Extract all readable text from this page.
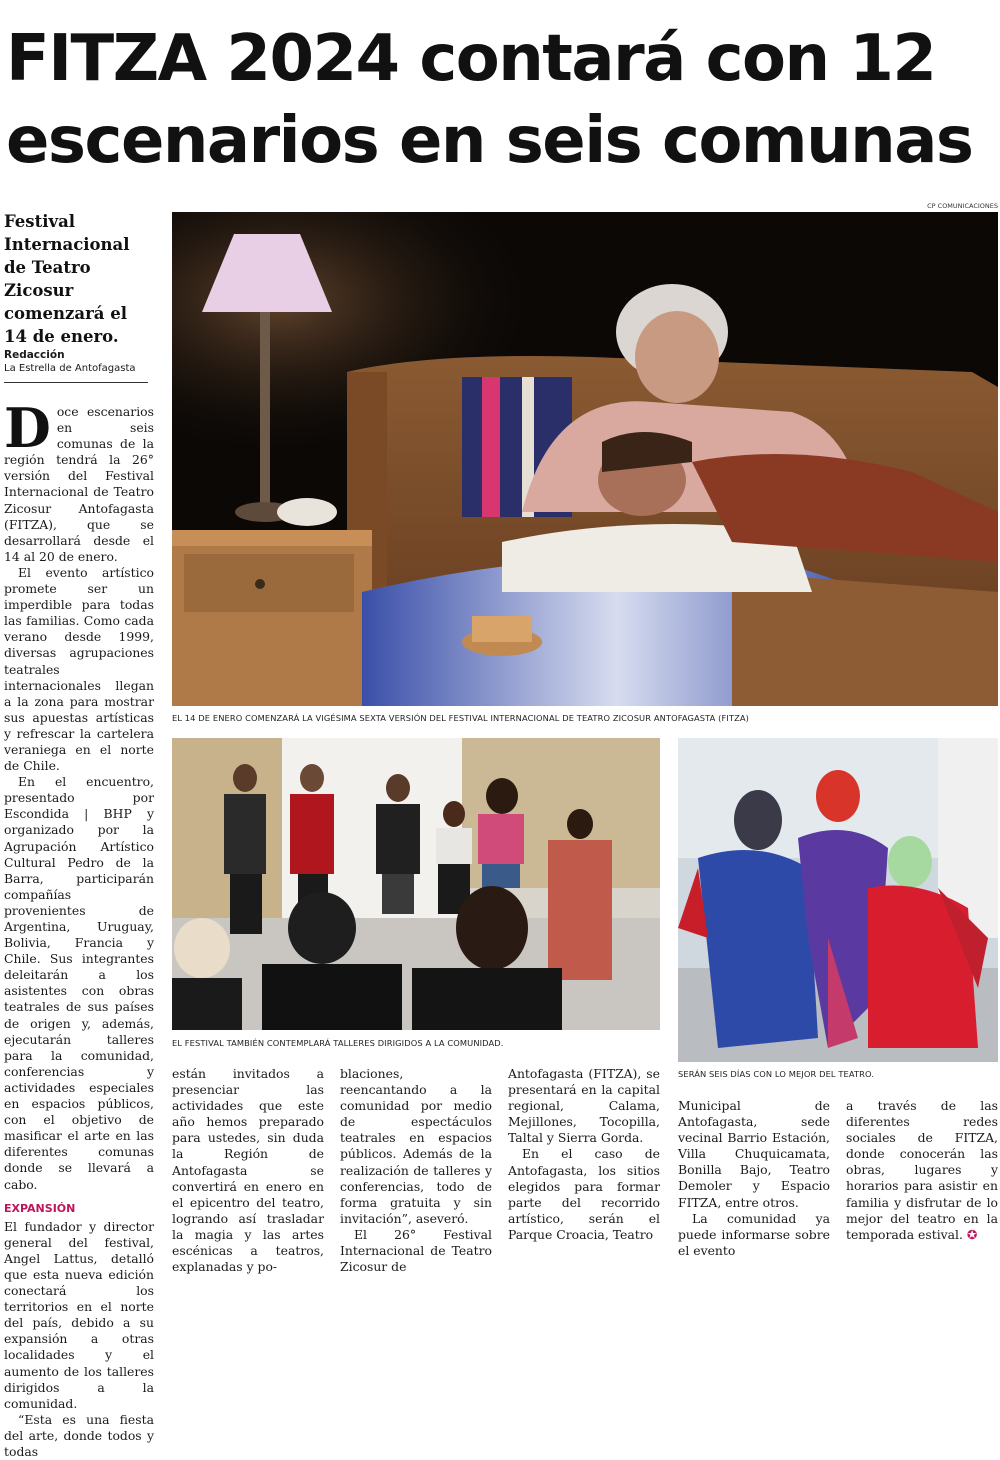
FITZA 2024 contará con 12
escenarios en seis comunas
Festival Internacional de Teatro Zicosur comenzará el 14 de enero.
Redacción
La Estrella de Antofagasta

Doce escenarios en seis comunas de la región tendrá la 26° versión del Festival Internacional de Teatro Zicosur Antofagasta (FITZA), que se desarrollará desde el 14 al 20 de enero.

El evento artístico promete ser un imperdible para todas las familias. Como cada verano desde 1999, diversas agrupaciones teatrales internacionales llegan a la zona para mostrar sus apuestas artísticas y refrescar la cartelera veraniega en el norte de Chile.

En el encuentro, presentado por Escondida | BHP y organizado por la Agrupación Artístico Cultural Pedro de la Barra, participarán compañías provenientes de Argentina, Uruguay, Bolivia, Francia y Chile. Sus integrantes deleitarán a los asistentes con obras teatrales de sus países de origen y, además, ejecutarán talleres para la comunidad, conferencias y actividades especiales en espacios públicos, con el objetivo de masificar el arte en las diferentes comunas donde se llevará a cabo.

EXPANSIÓN

El fundador y director general del festival, Angel Lattus, detalló que esta nueva edición conectará los territorios en el norte del país, debido a su expansión a otras localidades y el aumento de los talleres dirigidos a la comunidad.

“Esta es una fiesta del arte, donde todos y todas

CP COMUNICACIONES
EL 14 DE ENERO COMENZARÁ LA VIGÉSIMA SEXTA VERSIÓN DEL FESTIVAL INTERNACIONAL DE TEATRO ZICOSUR ANTOFAGASTA (FITZA)
EL FESTIVAL TAMBIÉN CONTEMPLARÁ TALLERES DIRIGIDOS A LA COMUNIDAD.
SERÁN SEIS DÍAS CON LO MEJOR DEL TEATRO.

están invitados a presenciar las actividades que este año hemos preparado para ustedes, sin duda la Región de Antofagasta se convertirá en enero en el epicentro del teatro, logrando así trasladar la magia y las artes escénicas a teatros, explanadas y po-

blaciones, reencantando a la comunidad por medio de espectáculos teatrales en espacios públicos. Además de la realización de talleres y conferencias, todo de forma gratuita y sin invitación”, aseveró.

El 26° Festival Internacional de Teatro Zicosur de

Antofagasta (FITZA), se presentará en la capital regional, Calama, Mejillones, Tocopilla, Taltal y Sierra Gorda.

En el caso de Antofagasta, los sitios elegidos para formar parte del recorrido artístico, serán el Parque Croacia, Teatro

Municipal de Antofagasta, sede vecinal Barrio Estación, Villa Chuquicamata, Bonilla Bajo, Teatro Demoler y Espacio FITZA, entre otros.

La comunidad ya puede informarse sobre el evento

a través de las diferentes redes sociales de FITZA, donde conocerán las obras, lugares y horarios para asistir en familia y disfrutar de lo mejor del teatro en la temporada estival. ✪
